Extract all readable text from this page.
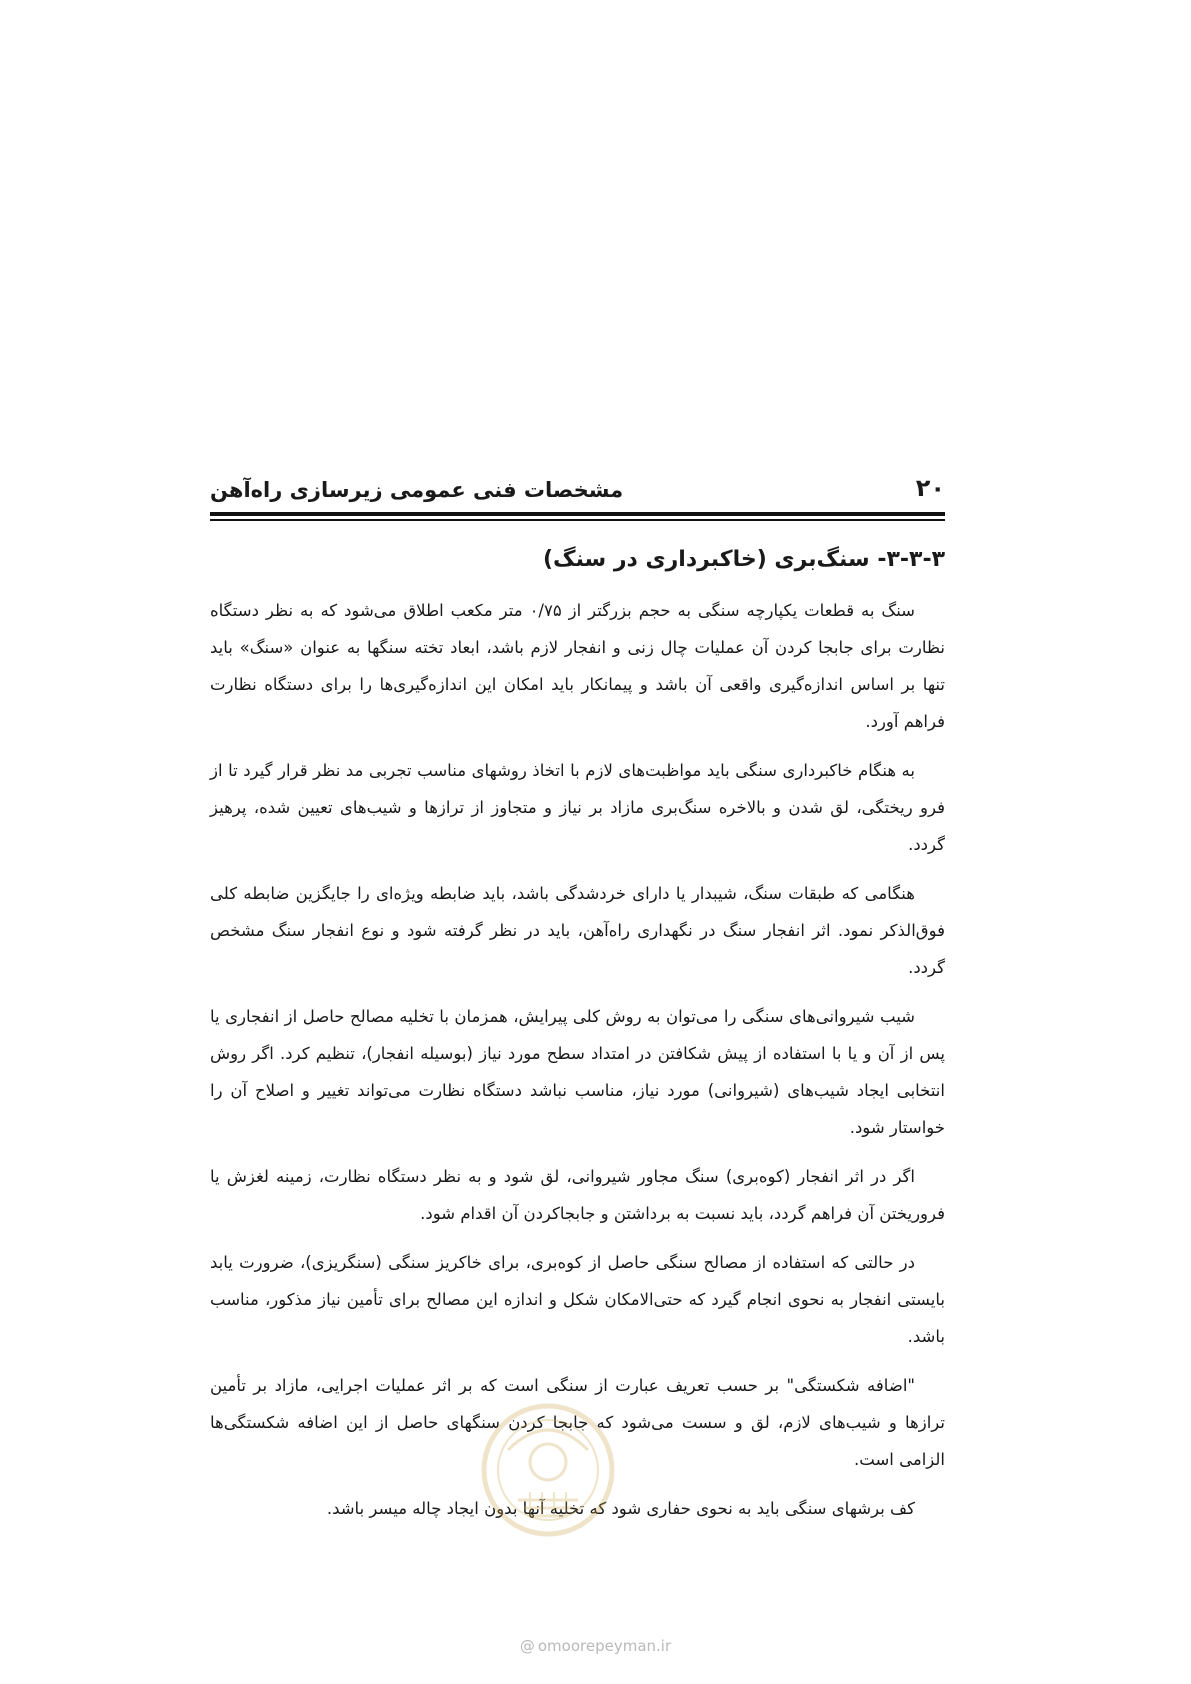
مشخصات فنی عمومی زیرسازی راه‌آهن	۲۰
۳-۳-۳- سنگ‌بری (خاکبرداری در سنگ)

سنگ به قطعات یکپارچه سنگی به حجم بزرگتر از ۰/۷۵ متر مکعب اطلاق می‌شود که به نظر دستگاه نظارت برای جابجا کردن آن عملیات چال زنی و انفجار لازم باشد، ابعاد تخته سنگها به عنوان «سنگ» باید تنها بر اساس اندازه‌گیری واقعی آن باشد و پیمانکار باید امکان این اندازه‌گیری‌ها را برای دستگاه نظارت فراهم آورد.

به هنگام خاکبرداری سنگی باید مواظبت‌های لازم با اتخاذ روشهای مناسب تجربی مد نظر قرار گیرد تا از فرو ریختگی، لق شدن و بالاخره سنگ‌بری مازاد بر نیاز و متجاوز از ترازها و شیب‌های تعیین شده، پرهیز گردد.

هنگامی که طبقات سنگ، شیبدار یا دارای خردشدگی باشد، باید ضابطه ویژه‌ای را جایگزین ضابطه کلی فوق‌الذکر نمود. اثر انفجار سنگ در نگهداری راه‌آهن، باید در نظر گرفته شود و نوع انفجار سنگ مشخص گردد.

شیب شیروانی‌های سنگی را می‌توان به روش کلی پیرایش، همزمان با تخلیه مصالح حاصل از انفجاری یا پس از آن و یا با استفاده از پیش شکافتن در امتداد سطح مورد نیاز (بوسیله انفجار)، تنظیم کرد. اگر روش انتخابی ایجاد شیب‌های (شیروانی) مورد نیاز، مناسب نباشد دستگاه نظارت می‌تواند تغییر و اصلاح آن را خواستار شود.

اگر در اثر انفجار (کوه‌بری) سنگ مجاور شیروانی، لق شود و به نظر دستگاه نظارت، زمینه لغزش یا فروریختن آن فراهم گردد، باید نسبت به برداشتن و جابجاکردن آن اقدام شود.

در حالتی که استفاده از مصالح سنگی حاصل از کوه‌بری، برای خاکریز سنگی (سنگریزی)، ضرورت یابد بایستی انفجار به نحوی انجام گیرد که حتی‌الامکان شکل و اندازه این مصالح برای تأمین نیاز مذکور، مناسب باشد.

"اضافه شکستگی" بر حسب تعریف عبارت از سنگی است که بر اثر عملیات اجرایی، مازاد بر تأمین ترازها و شیب‌های لازم، لق و سست می‌شود که جابجا کردن سنگهای حاصل از این اضافه شکستگی‌ها الزامی است.

کف برشهای سنگی باید به نحوی حفاری شود که تخلیه آنها بدون ایجاد چاله میسر باشد.

@ omoorepeyman.ir
